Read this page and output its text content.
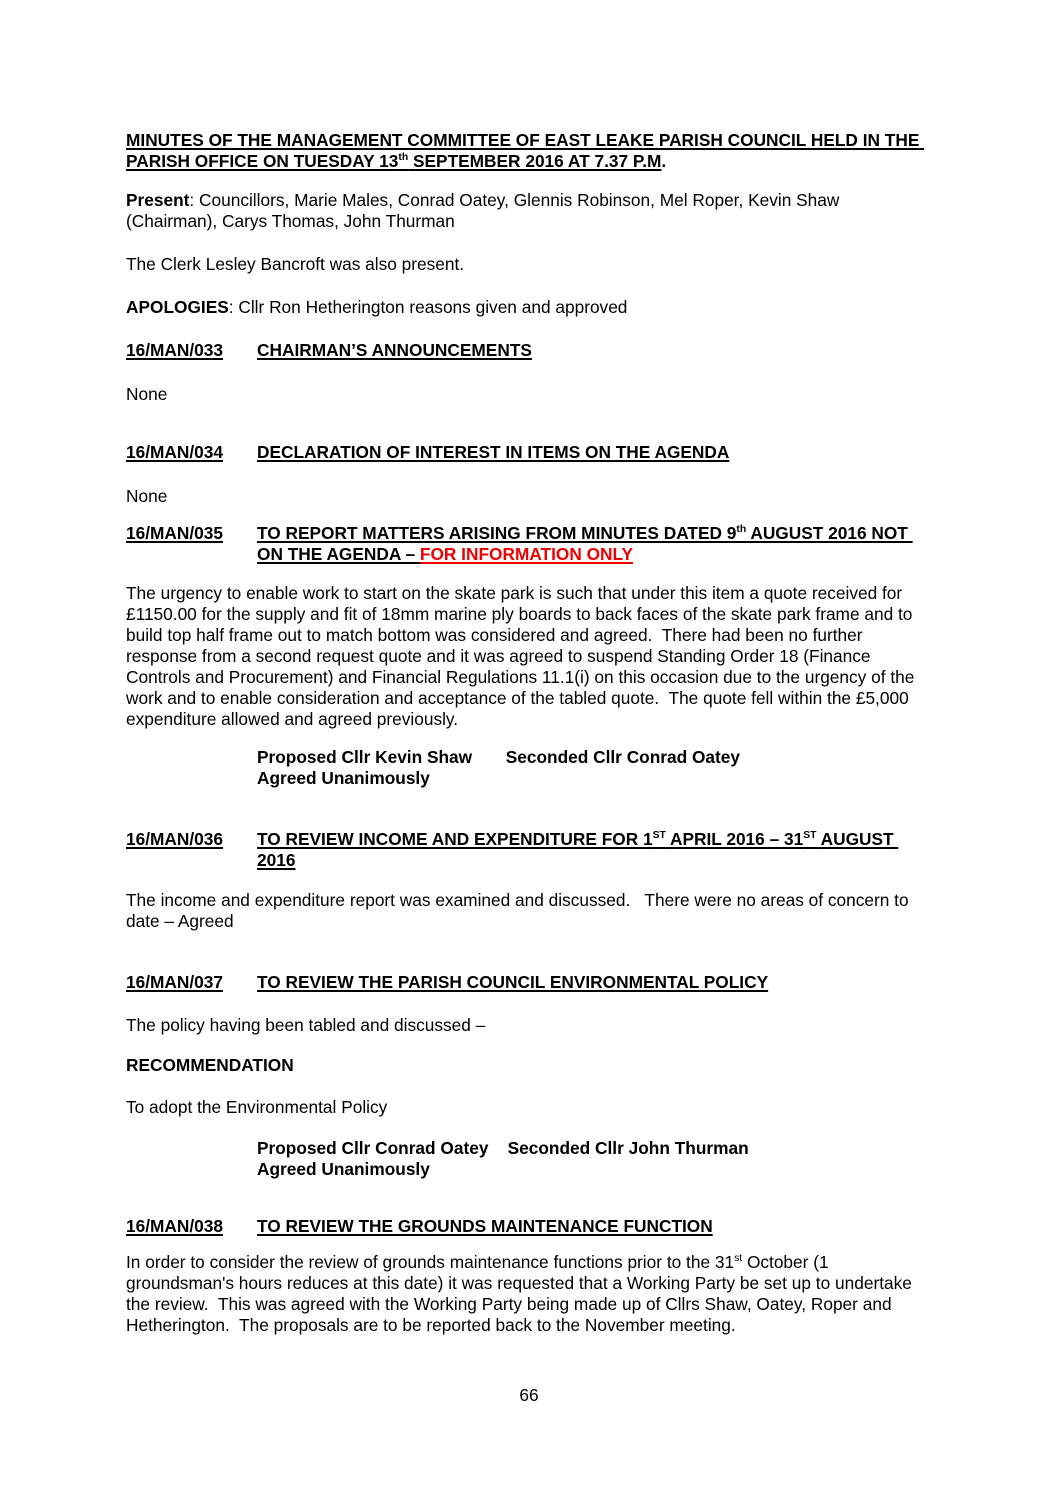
MINUTES OF THE MANAGEMENT COMMITTEE OF EAST LEAKE PARISH COUNCIL HELD IN THE PARISH OFFICE ON TUESDAY 13th SEPTEMBER 2016 AT 7.37 P.M.

Present: Councillors, Marie Males, Conrad Oatey, Glennis Robinson, Mel Roper, Kevin Shaw (Chairman), Carys Thomas, John Thurman

The Clerk Lesley Bancroft was also present.

APOLOGIES: Cllr Ron Hetherington reasons given and approved

16/MAN/033	CHAIRMAN’S ANNOUNCEMENTS

None

16/MAN/034	DECLARATION OF INTEREST IN ITEMS ON THE AGENDA

None

16/MAN/035	TO REPORT MATTERS ARISING FROM MINUTES DATED 9th AUGUST 2016 NOT ON THE AGENDA – FOR INFORMATION ONLY

The urgency to enable work to start on the skate park is such that under this item a quote received for £1150.00 for the supply and fit of 18mm marine ply boards to back faces of the skate park frame and to build top half frame out to match bottom was considered and agreed.  There had been no further response from a second request quote and it was agreed to suspend Standing Order 18 (Finance Controls and Procurement) and Financial Regulations 11.1(i) on this occasion due to the urgency of the work and to enable consideration and acceptance of the tabled quote.  The quote fell within the £5,000 expenditure allowed and agreed previously.

Proposed Cllr Kevin Shaw       Seconded Cllr Conrad Oatey

Agreed Unanimously

16/MAN/036	TO REVIEW INCOME AND EXPENDITURE FOR 1ST APRIL 2016 – 31ST AUGUST 2016

The income and expenditure report was examined and discussed.   There were no areas of concern to date – Agreed

16/MAN/037	TO REVIEW THE PARISH COUNCIL ENVIRONMENTAL POLICY

The policy having been tabled and discussed –

RECOMMENDATION

To adopt the Environmental Policy

Proposed Cllr Conrad Oatey    Seconded Cllr John Thurman

Agreed Unanimously

16/MAN/038	TO REVIEW THE GROUNDS MAINTENANCE FUNCTION

In order to consider the review of grounds maintenance functions prior to the 31st October (1 groundsman's hours reduces at this date) it was requested that a Working Party be set up to undertake the review.  This was agreed with the Working Party being made up of Cllrs Shaw, Oatey, Roper and Hetherington.  The proposals are to be reported back to the November meeting.

66
